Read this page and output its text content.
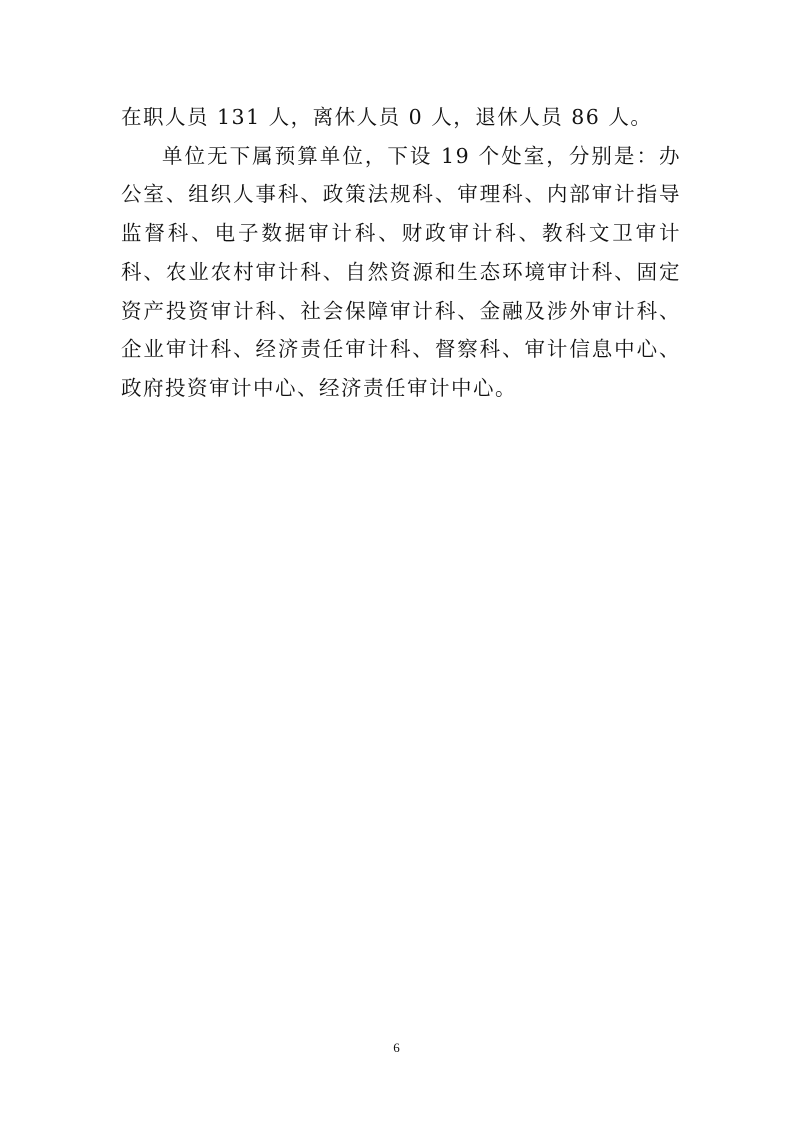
在职人员 131 人，离休人员 0 人，退休人员 86 人。

单位无下属预算单位，下设 19 个处室，分别是：办公室、组织人事科、政策法规科、审理科、内部审计指导监督科、电子数据审计科、财政审计科、教科文卫审计科、农业农村审计科、自然资源和生态环境审计科、固定资产投资审计科、社会保障审计科、金融及涉外审计科、企业审计科、经济责任审计科、督察科、审计信息中心、政府投资审计中心、经济责任审计中心。

6
